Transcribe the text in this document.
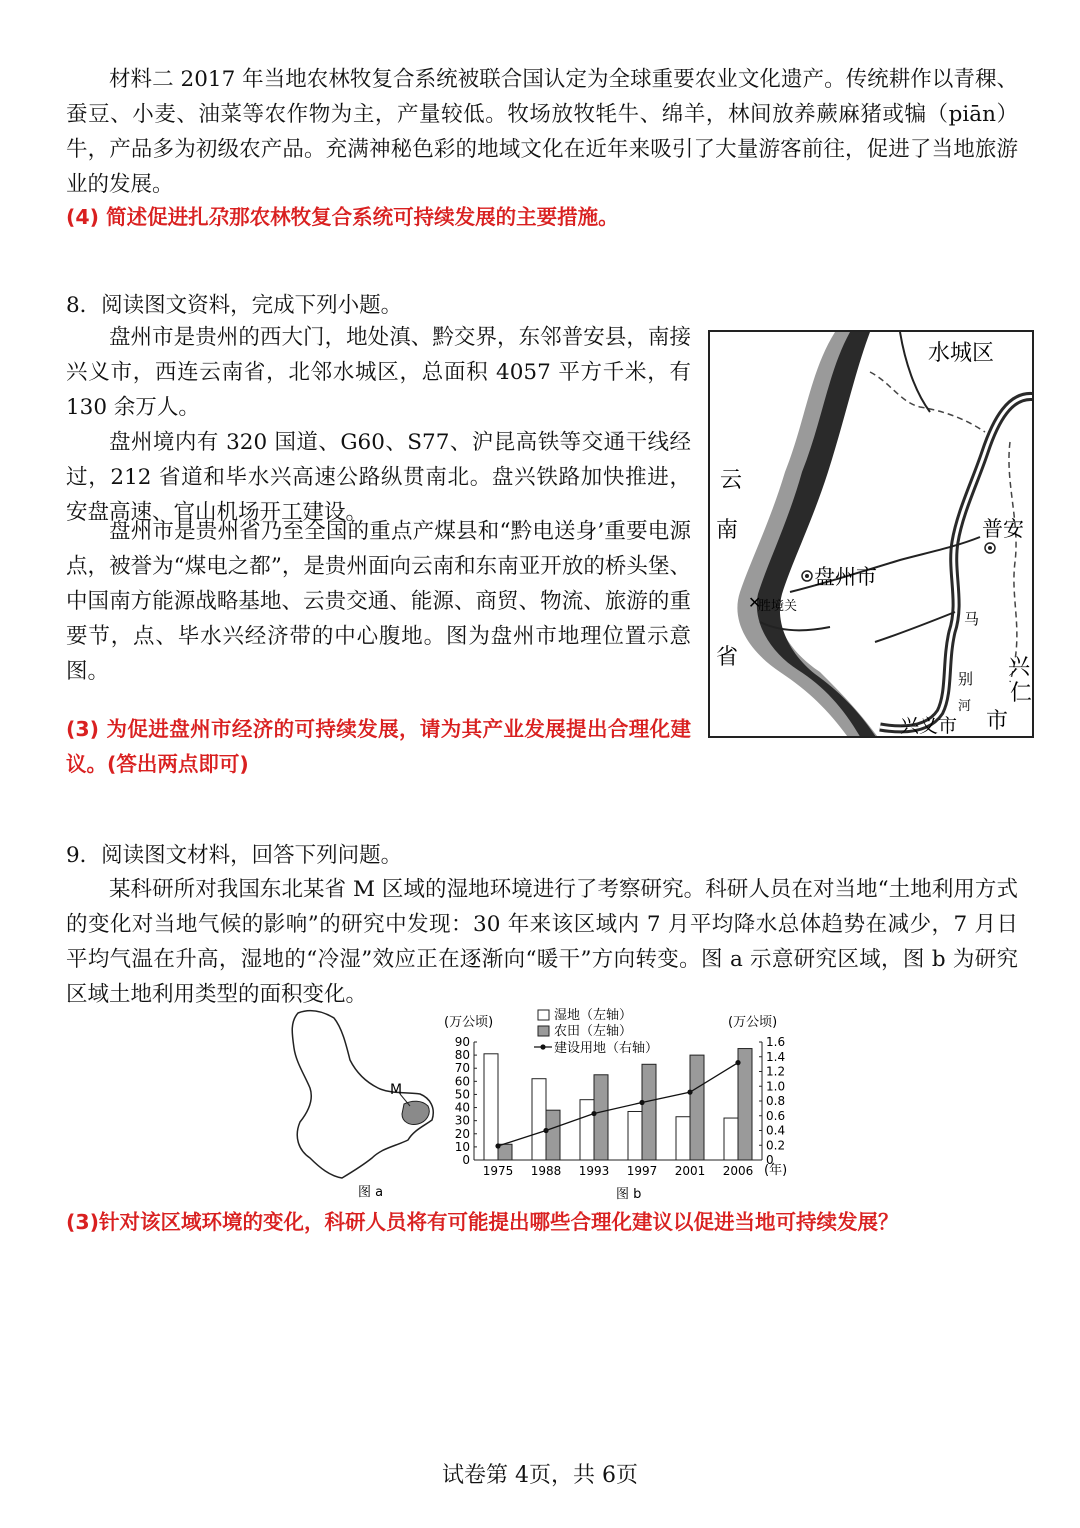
材料二 2017 年当地农林牧复合系统被联合国认定为全球重要农业文化遗产。传统耕作以青稞、蚕豆、小麦、油菜等农作物为主，产量较低。牧场放牧牦牛、绵羊，林间放养蕨麻猪或犏（piān）牛，产品多为初级农产品。充满神秘色彩的地域文化在近年来吸引了大量游客前往，促进了当地旅游业的发展。
(4) 简述促进扎尕那农林牧复合系统可持续发展的主要措施。
8．阅读图文资料，完成下列小题。
盘州市是贵州的西大门，地处滇、黔交界，东邻普安县，南接兴义市，西连云南省，北邻水城区，总面积 4057 平方千米，有 130 余万人。
盘州境内有 320 国道、G60、S77、沪昆高铁等交通干线经过，212 省道和毕水兴高速公路纵贯南北。盘兴铁路加快推进，安盘高速、官山机场开工建设。
盘州市是贵州省乃至全国的重点产煤县和“黔电送身’重要电源点，被誉为“煤电之都”，是贵州面向云南和东南亚开放的桥头堡、中国南方能源战略基地、云贵交通、能源、商贸、物流、旅游的重要节，点、毕水兴经济带的中心腹地。图为盘州市地理位置示意图。
(3) 为促进盘州市经济的可持续发展，请为其产业发展提出合理化建议。(答出两点即可)
✕
水城区
云
南
省
普安
盘州市
胜境关
马
别
河
兴
仁
市
兴义市
9．阅读图文材料，回答下列问题。
某科研所对我国东北某省 M 区域的湿地环境进行了考察研究。科研人员在对当地“土地利用方式的变化对当地气候的影响”的研究中发现：30 年来该区域内 7 月平均降水总体趋势在减少，7 月日平均气温在升高，湿地的“冷湿”效应正在逐渐向“暖干”方向转变。图 a 示意研究区域，图 b 为研究区域土地利用类型的面积变化。
M
图 a
(万公顷)	(万公顷)
图 b
(年)
0
10
20
30
40
50
60
70
80
90
0
0.2
0.4
0.6
0.8
1.0
1.2
1.4
1.6
1975 1988 1993 1997 2001 2006
湿地（左轴）
农田（左轴）
建设用地（右轴）
(3)针对该区域环境的变化，科研人员将有可能提出哪些合理化建议以促进当地可持续发展？
试卷第 4页，共 6页
